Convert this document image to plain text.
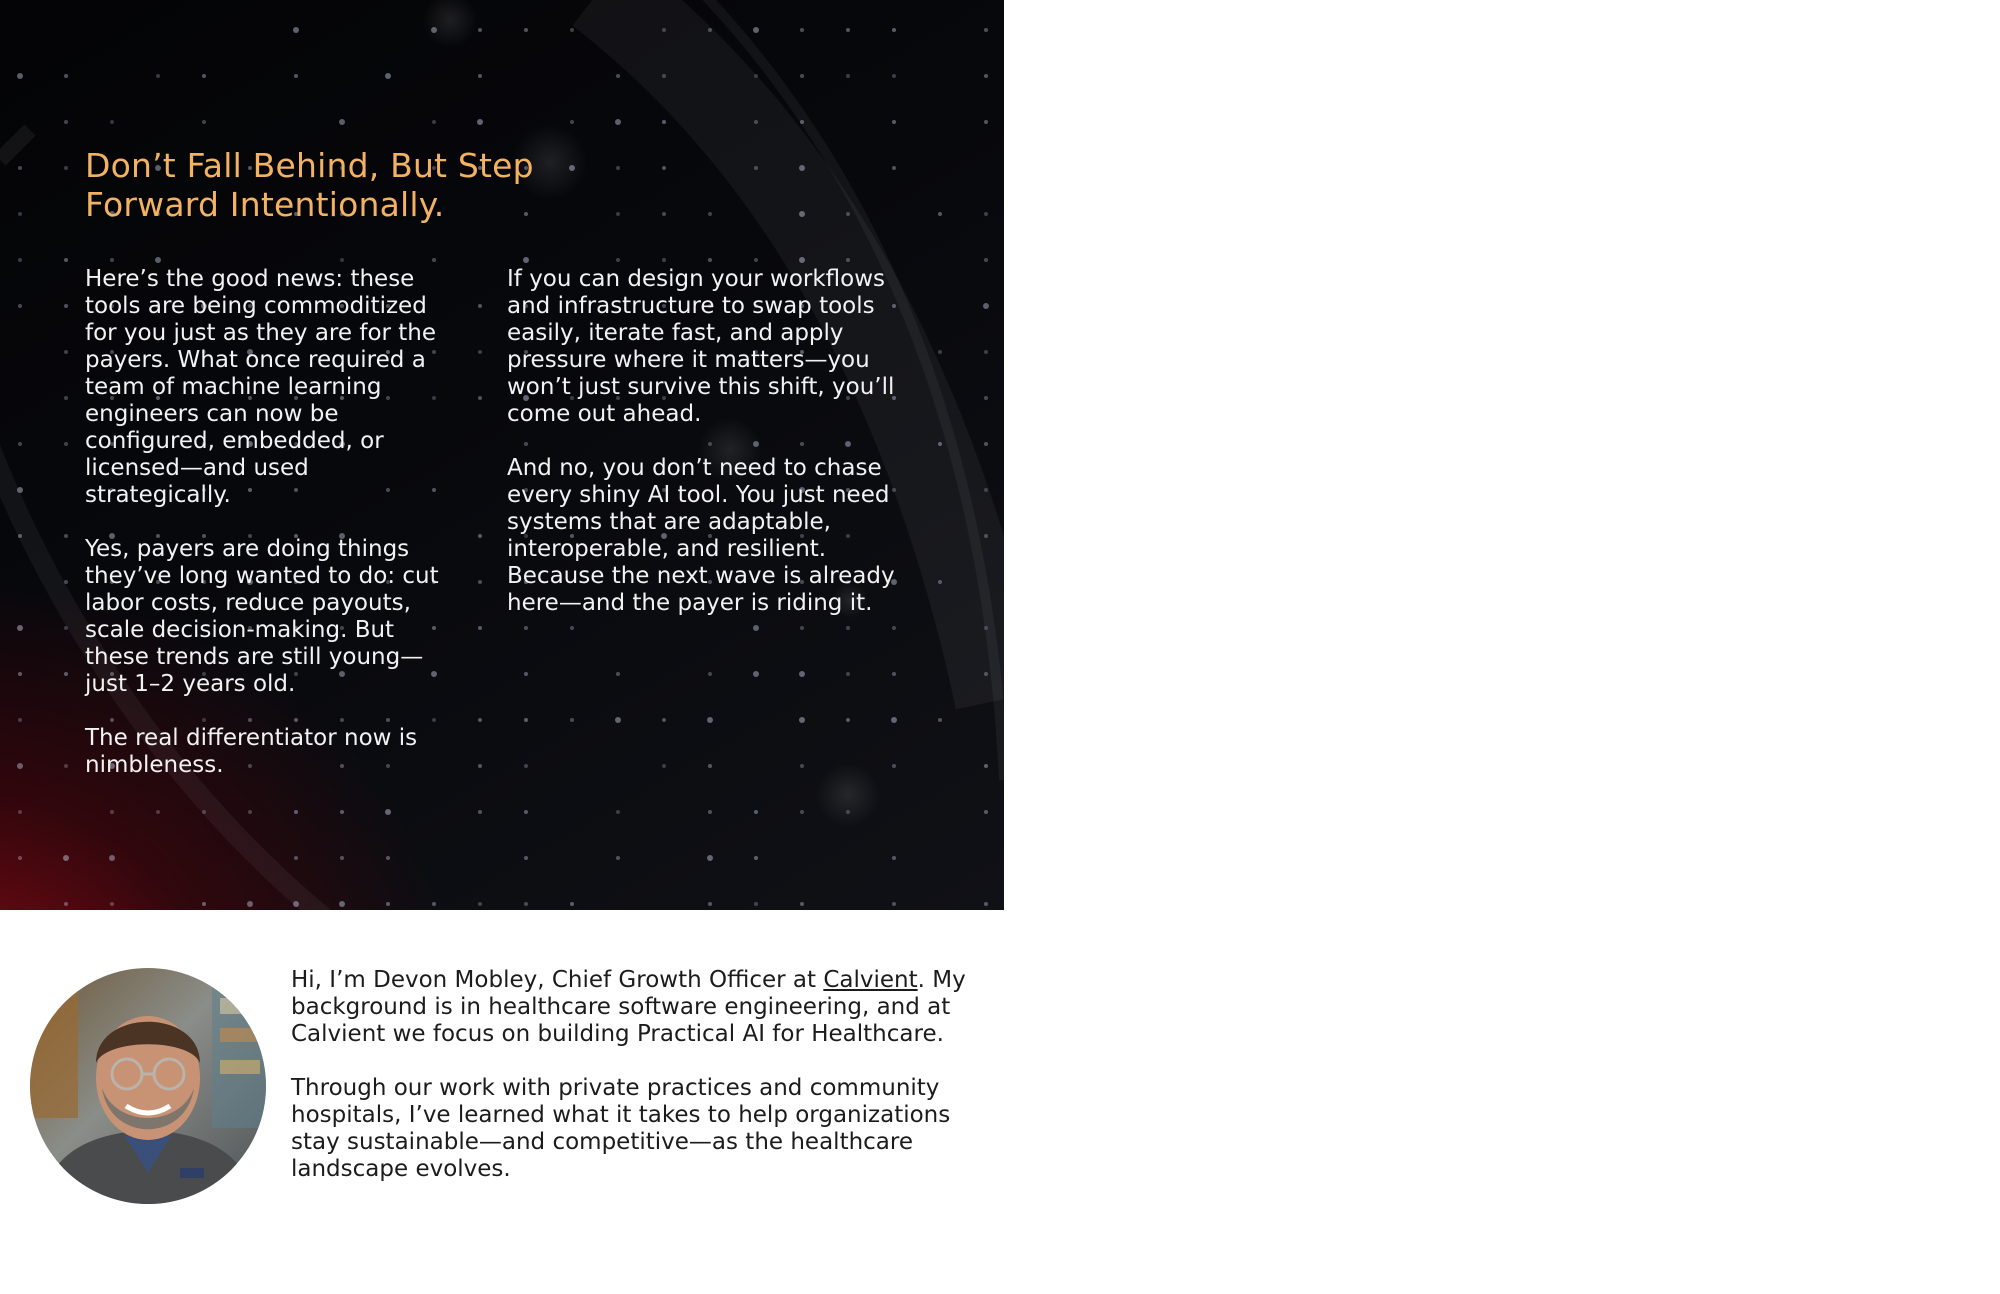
Don’t Fall Behind, But Step Forward Intentionally.

Here’s the good news: these tools are being commoditized for you just as they are for the payers. What once required a team of machine learning engineers can now be configured, embedded, or licensed—and used strategically.

Yes, payers are doing things they’ve long wanted to do: cut labor costs, reduce payouts, scale decision-making. But these trends are still young—just 1–2 years old.

The real differentiator now is nimbleness.

If you can design your workflows and infrastructure to swap tools easily, iterate fast, and apply pressure where it matters—you won’t just survive this shift, you’ll come out ahead.

And no, you don’t need to chase every shiny AI tool. You just need systems that are adaptable, interoperable, and resilient. Because the next wave is already here—and the payer is riding it.

Hi, I’m Devon Mobley, Chief Growth Officer at Calvient. My background is in healthcare software engineering, and at Calvient we focus on building Practical AI for Healthcare.

Through our work with private practices and community hospitals, I’ve learned what it takes to help organizations stay sustainable—and competitive—as the healthcare landscape evolves.
